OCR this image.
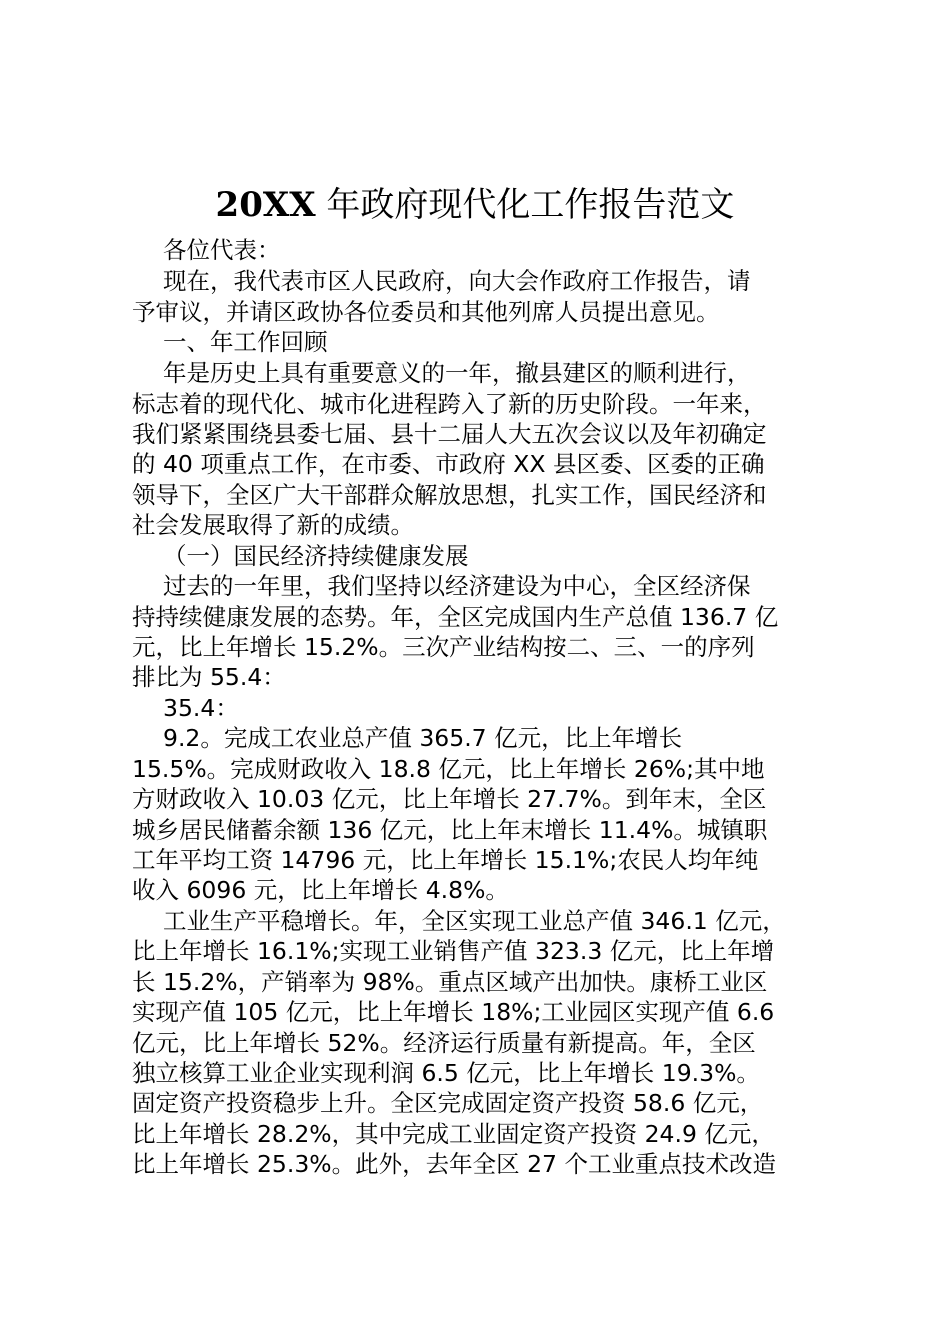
20XX 年政府现代化工作报告范文
各位代表：
现在，我代表市区人民政府，向大会作政府工作报告，请
予审议，并请区政协各位委员和其他列席人员提出意见。
一、年工作回顾
年是历史上具有重要意义的一年，撤县建区的顺利进行，
标志着的现代化、城市化进程跨入了新的历史阶段。一年来，
我们紧紧围绕县委七届、县十二届人大五次会议以及年初确定
的 40 项重点工作，在市委、市政府 XX 县区委、区委的正确
领导下，全区广大干部群众解放思想，扎实工作，国民经济和
社会发展取得了新的成绩。
（一）国民经济持续健康发展
过去的一年里，我们坚持以经济建设为中心，全区经济保
持持续健康发展的态势。年，全区完成国内生产总值 136.7 亿
元，比上年增长 15.2%。三次产业结构按二、三、一的序列
排比为 55.4：
35.4：
9.2。完成工农业总产值 365.7 亿元，比上年增长
15.5%。完成财政收入 18.8 亿元，比上年增长 26%;其中地
方财政收入 10.03 亿元，比上年增长 27.7%。到年末，全区
城乡居民储蓄余额 136 亿元，比上年末增长 11.4%。城镇职
工年平均工资 14796 元，比上年增长 15.1%;农民人均年纯
收入 6096 元，比上年增长 4.8%。
工业生产平稳增长。年，全区实现工业总产值 346.1 亿元，
比上年增长 16.1%;实现工业销售产值 323.3 亿元，比上年增
长 15.2%，产销率为 98%。重点区域产出加快。康桥工业区
实现产值 105 亿元，比上年增长 18%;工业园区实现产值 6.6
亿元，比上年增长 52%。经济运行质量有新提高。年，全区
独立核算工业企业实现利润 6.5 亿元，比上年增长 19.3%。
固定资产投资稳步上升。全区完成固定资产投资 58.6 亿元，
比上年增长 28.2%，其中完成工业固定资产投资 24.9 亿元，
比上年增长 25.3%。此外，去年全区 27 个工业重点技术改造
